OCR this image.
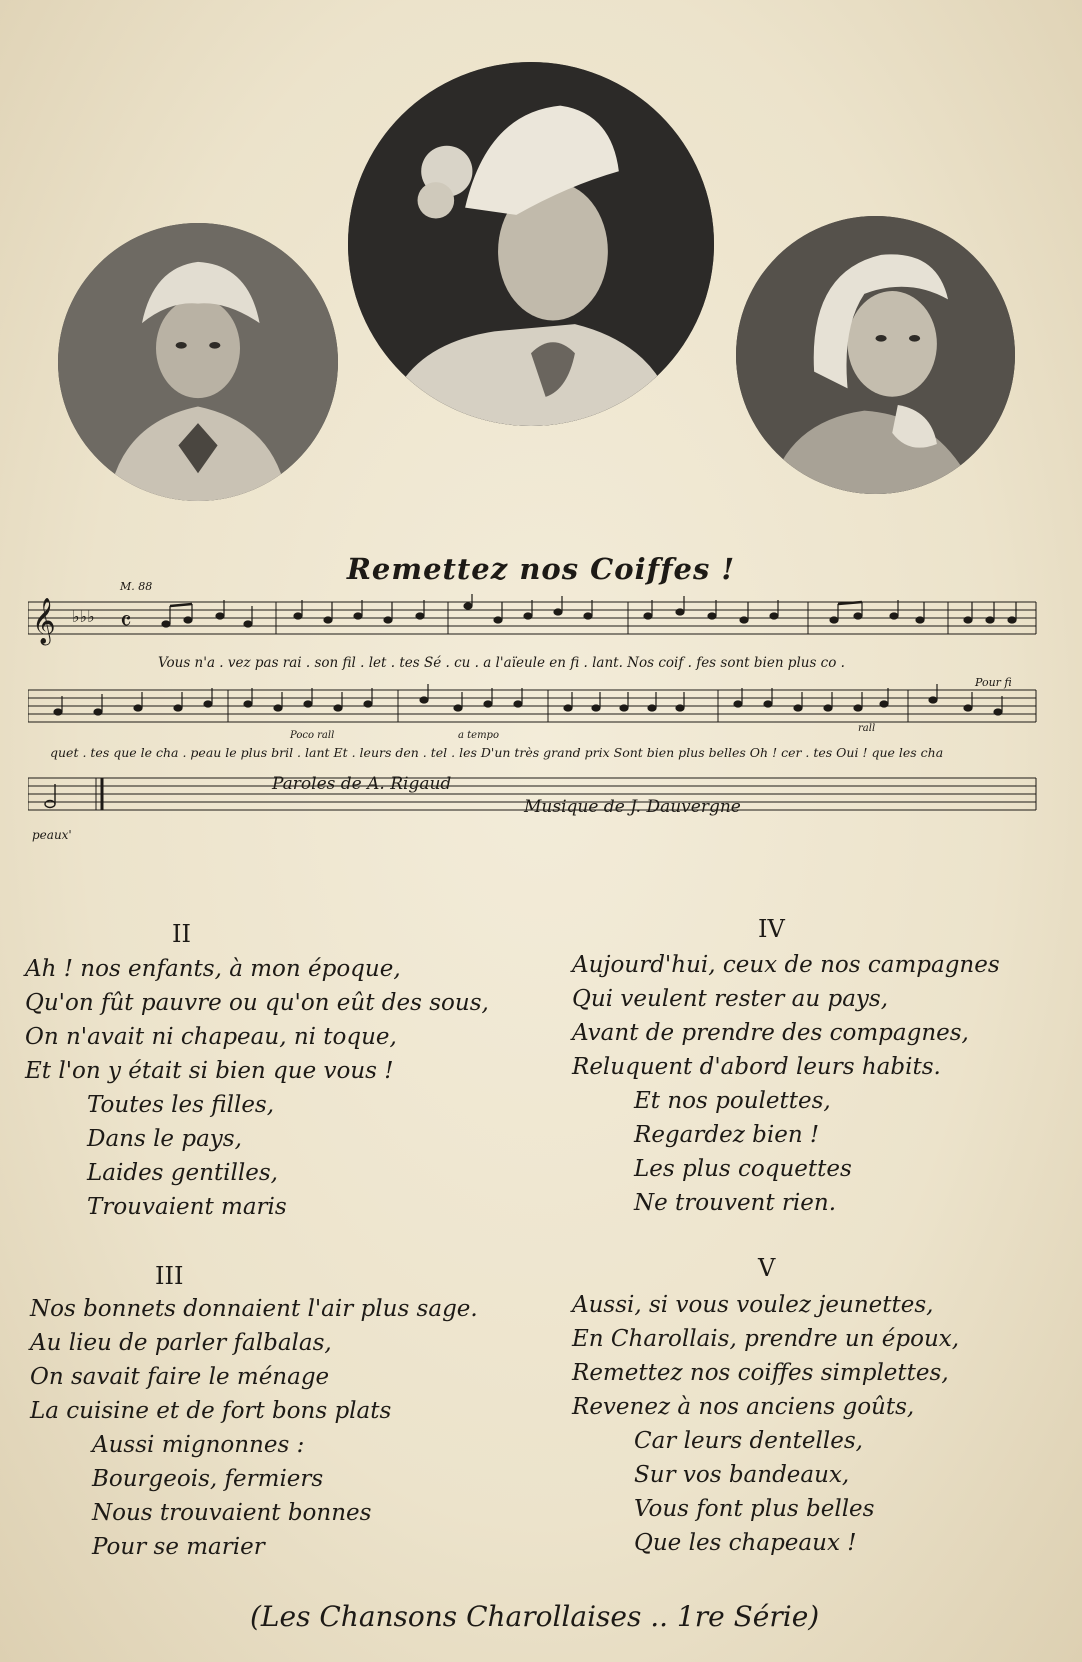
Remettez nos Coiffes !
𝄞 ♭♭♭ 𝄴
M. 88
Vous n'a . vez pas rai . son fil . let . tes Sé . cu . a l'aïeule en fi . lant. Nos coif . fes sont bien plus co .
Poco rall	a tempo
rall
Pour fi
quet . tes que le cha . peau le plus bril . lant Et . leurs den . tel . les D'un très grand prix Sont bien plus belles Oh ! cer . tes Oui ! que les cha
peaux'
Paroles de A. Rigaud
Musique de J. Dauvergne
II
Ah ! nos enfants, à mon époque,
Qu'on fût pauvre ou qu'on eût des sous,
On n'avait ni chapeau, ni toque,
Et l'on y était si bien que vous !
Toutes les filles,
Dans le pays,
Laides gentilles,
Trouvaient maris
IV
Aujourd'hui, ceux de nos campagnes
Qui veulent rester au pays,
Avant de prendre des compagnes,
Reluquent d'abord leurs habits.
Et nos poulettes,
Regardez bien !
Les plus coquettes
Ne trouvent rien.
III
Nos bonnets donnaient l'air plus sage.
Au lieu de parler falbalas,
On savait faire le ménage
La cuisine et de fort bons plats
Aussi mignonnes :
Bourgeois, fermiers
Nous trouvaient bonnes
Pour se marier
V
Aussi, si vous voulez jeunettes,
En Charollais, prendre un époux,
Remettez nos coiffes simplettes,
Revenez à nos anciens goûts,
Car leurs dentelles,
Sur vos bandeaux,
Vous font plus belles
Que les chapeaux !
(Les Chansons Charollaises .. 1re Série)
